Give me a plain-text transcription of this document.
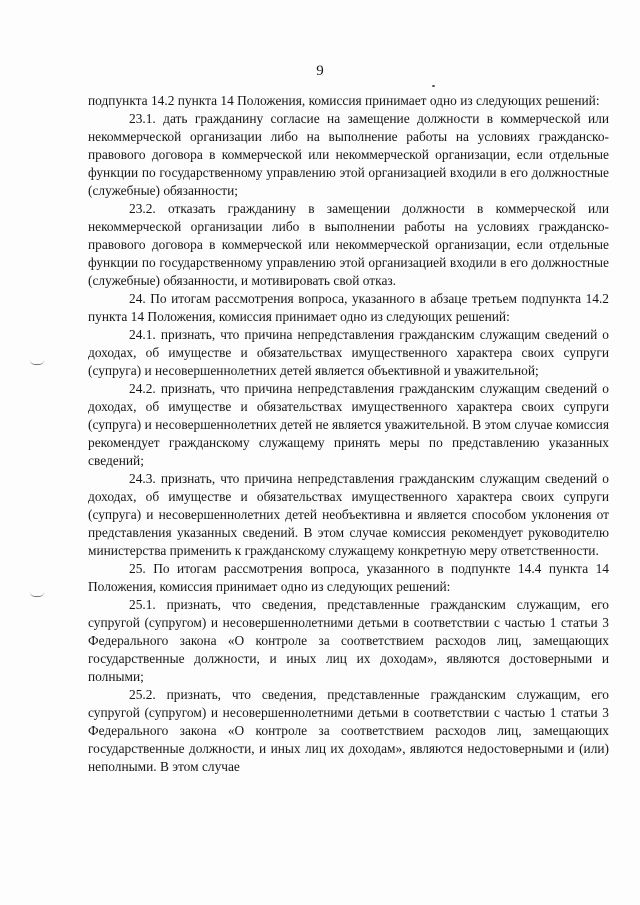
9

подпункта 14.2 пункта 14 Положения, комиссия принимает одно из следующих решений:

23.1. дать гражданину согласие на замещение должности в коммерческой или некоммерческой организации либо на выполнение работы на условиях гражданско-правового договора в коммерческой или некоммерческой организации, если отдельные функции по государственному управлению этой организацией входили в его должностные (служебные) обязанности;

23.2. отказать гражданину в замещении должности в коммерческой или некоммерческой организации либо в выполнении работы на условиях гражданско-правового договора в коммерческой или некоммерческой организации, если отдельные функции по государственному управлению этой организацией входили в его должностные (служебные) обязанности, и мотивировать свой отказ.

24. По итогам рассмотрения вопроса, указанного в абзаце третьем подпункта 14.2 пункта 14 Положения, комиссия принимает одно из следующих решений:

24.1. признать, что причина непредставления гражданским служащим сведений о доходах, об имуществе и обязательствах имущественного характера своих супруги (супруга) и несовершеннолетних детей является объективной и уважительной;

24.2. признать, что причина непредставления гражданским служащим сведений о доходах, об имуществе и обязательствах имущественного характера своих супруги (супруга) и несовершеннолетних детей не является уважительной. В этом случае комиссия рекомендует гражданскому служащему принять меры по представлению указанных сведений;

24.3. признать, что причина непредставления гражданским служащим сведений о доходах, об имуществе и обязательствах имущественного характера своих супруги (супруга) и несовершеннолетних детей необъективна и является способом уклонения от представления указанных сведений. В этом случае комиссия рекомендует руководителю министерства применить к гражданскому служащему конкретную меру ответственности.

25. По итогам рассмотрения вопроса, указанного в подпункте 14.4 пункта 14 Положения, комиссия принимает одно из следующих решений:

25.1. признать, что сведения, представленные гражданским служащим, его супругой (супругом) и несовершеннолетними детьми в соответствии с частью 1 статьи 3 Федерального закона «О контроле за соответствием расходов лиц, замещающих государственные должности, и иных лиц их доходам», являются достоверными и полными;

25.2. признать, что сведения, представленные гражданским служащим, его супругой (супругом) и несовершеннолетними детьми в соответствии с частью 1 статьи 3 Федерального закона «О контроле за соответствием расходов лиц, замещающих государственные должности, и иных лиц их доходам», являются недостоверными и (или) неполными. В этом случае
